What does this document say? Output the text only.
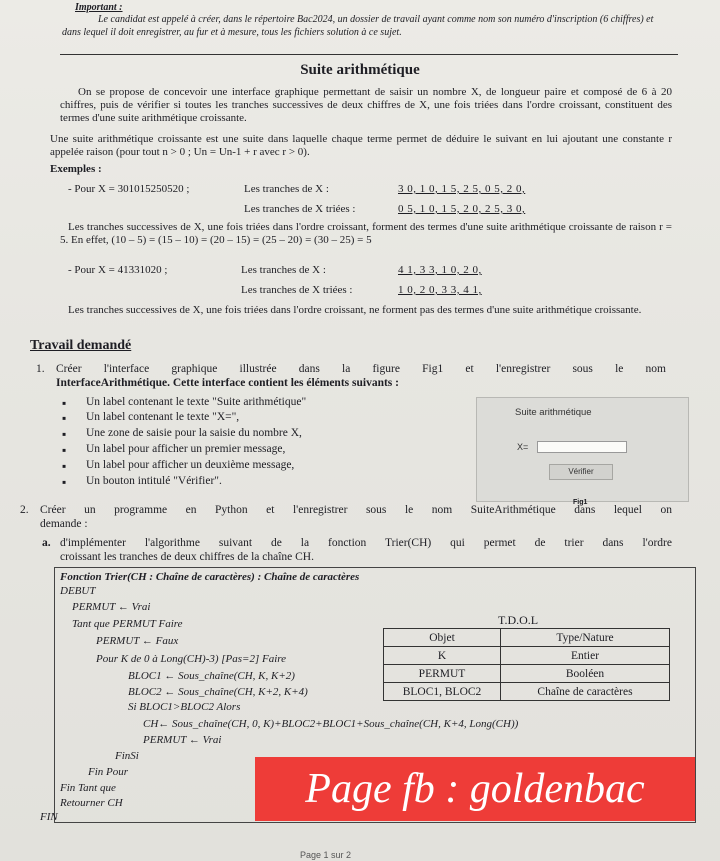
Important :
Le candidat est appelé à créer, dans le répertoire Bac2024, un dossier de travail ayant comme nom son numéro d'inscription (6 chiffres) et dans lequel il doit enregistrer, au fur et à mesure, tous les fichiers solution à ce sujet.
Suite arithmétique
On se propose de concevoir une interface graphique permettant de saisir un nombre X, de longueur paire et composé de 6 à 20 chiffres, puis de vérifier si toutes les tranches successives de deux chiffres de X, une fois triées dans l'ordre croissant, constituent des termes d'une suite arithmétique croissante.
Une suite arithmétique croissante est une suite dans laquelle chaque terme permet de déduire le suivant en lui ajoutant une constante r appelée raison (pour tout n > 0 ; Un = Un-1 + r avec r > 0).
Exemples :
- Pour X = 301015250520 ;	Les tranches de X :	3 0, 1 0, 1 5, 2 5, 0 5, 2 0,
Les tranches de X triées :	0 5, 1 0, 1 5, 2 0, 2 5, 3 0,
Les tranches successives de X, une fois triées dans l'ordre croissant, forment des termes d'une suite arithmétique croissante de raison r = 5. En effet, (10 – 5) = (15 – 10) = (20 – 15) = (25 – 20) = (30 – 25) = 5
- Pour X = 41331020 ;	Les tranches de X :	4 1, 3 3, 1 0, 2 0,
Les tranches de X triées :	1 0, 2 0, 3 3, 4 1,
Les tranches successives de X, une fois triées dans l'ordre croissant, ne forment pas des termes d'une suite arithmétique croissante.
Travail demandé
1. Créer l'interface graphique illustrée dans la figure Fig1 et l'enregistrer sous le nom
InterfaceArithmétique. Cette interface contient les éléments suivants :
▪ Un label contenant le texte "Suite arithmétique"
▪ Un label contenant le texte "X=",
▪ Une zone de saisie pour la saisie du nombre X,
▪ Un label pour afficher un premier message,
▪ Un label pour afficher un deuxième message,
▪ Un bouton intitulé "Vérifier".
Suite arithmétique
X=
Vérifier
Fig1
2. Créer un programme en Python et l'enregistrer sous le nom SuiteArithmétique dans lequel on
demande :
a. d'implémenter l'algorithme suivant de la fonction Trier(CH) qui permet de trier dans l'ordre
croissant les tranches de deux chiffres de la chaîne CH.
Fonction Trier(CH : Chaîne de caractères) : Chaîne de caractères
DEBUT
PERMUT ← Vrai
Tant que PERMUT Faire
PERMUT ← Faux
Pour K de 0 à Long(CH)-3) [Pas=2] Faire
BLOC1 ← Sous_chaîne(CH, K, K+2)
BLOC2 ← Sous_chaîne(CH, K+2, K+4)
Si BLOC1>BLOC2 Alors
CH← Sous_chaîne(CH, 0, K)+BLOC2+BLOC1+Sous_chaîne(CH, K+4, Long(CH))
PERMUT ← Vrai
FinSi
Fin Pour
Fin Tant que
Retourner CH
FIN
T.D.O.L
Objet	Type/Nature
K	Entier
PERMUT	Booléen
BLOC1, BLOC2	Chaîne de caractères
Page fb : goldenbac
Page 1 sur 2
